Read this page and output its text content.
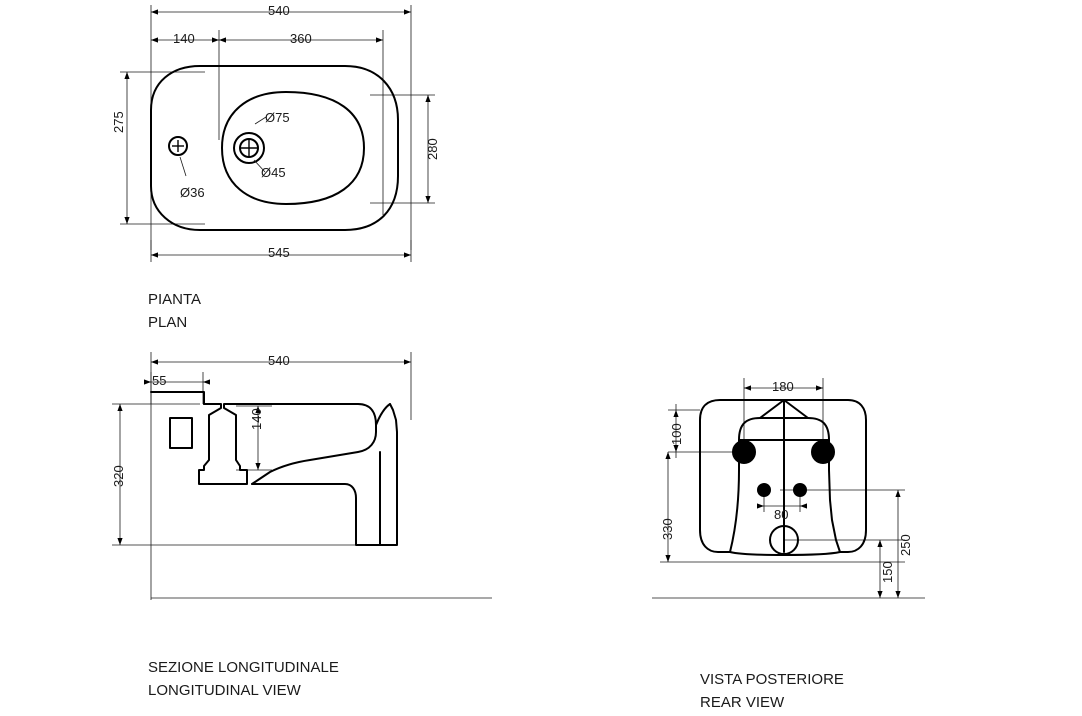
540
140	360
545
275
280
Ø75
Ø45
Ø36
PIANTA
PLAN
540
55
140
320
SEZIONE LONGITUDINALE
LONGITUDINAL VIEW
180
100
330
80
250
150
VISTA POSTERIORE
REAR VIEW
